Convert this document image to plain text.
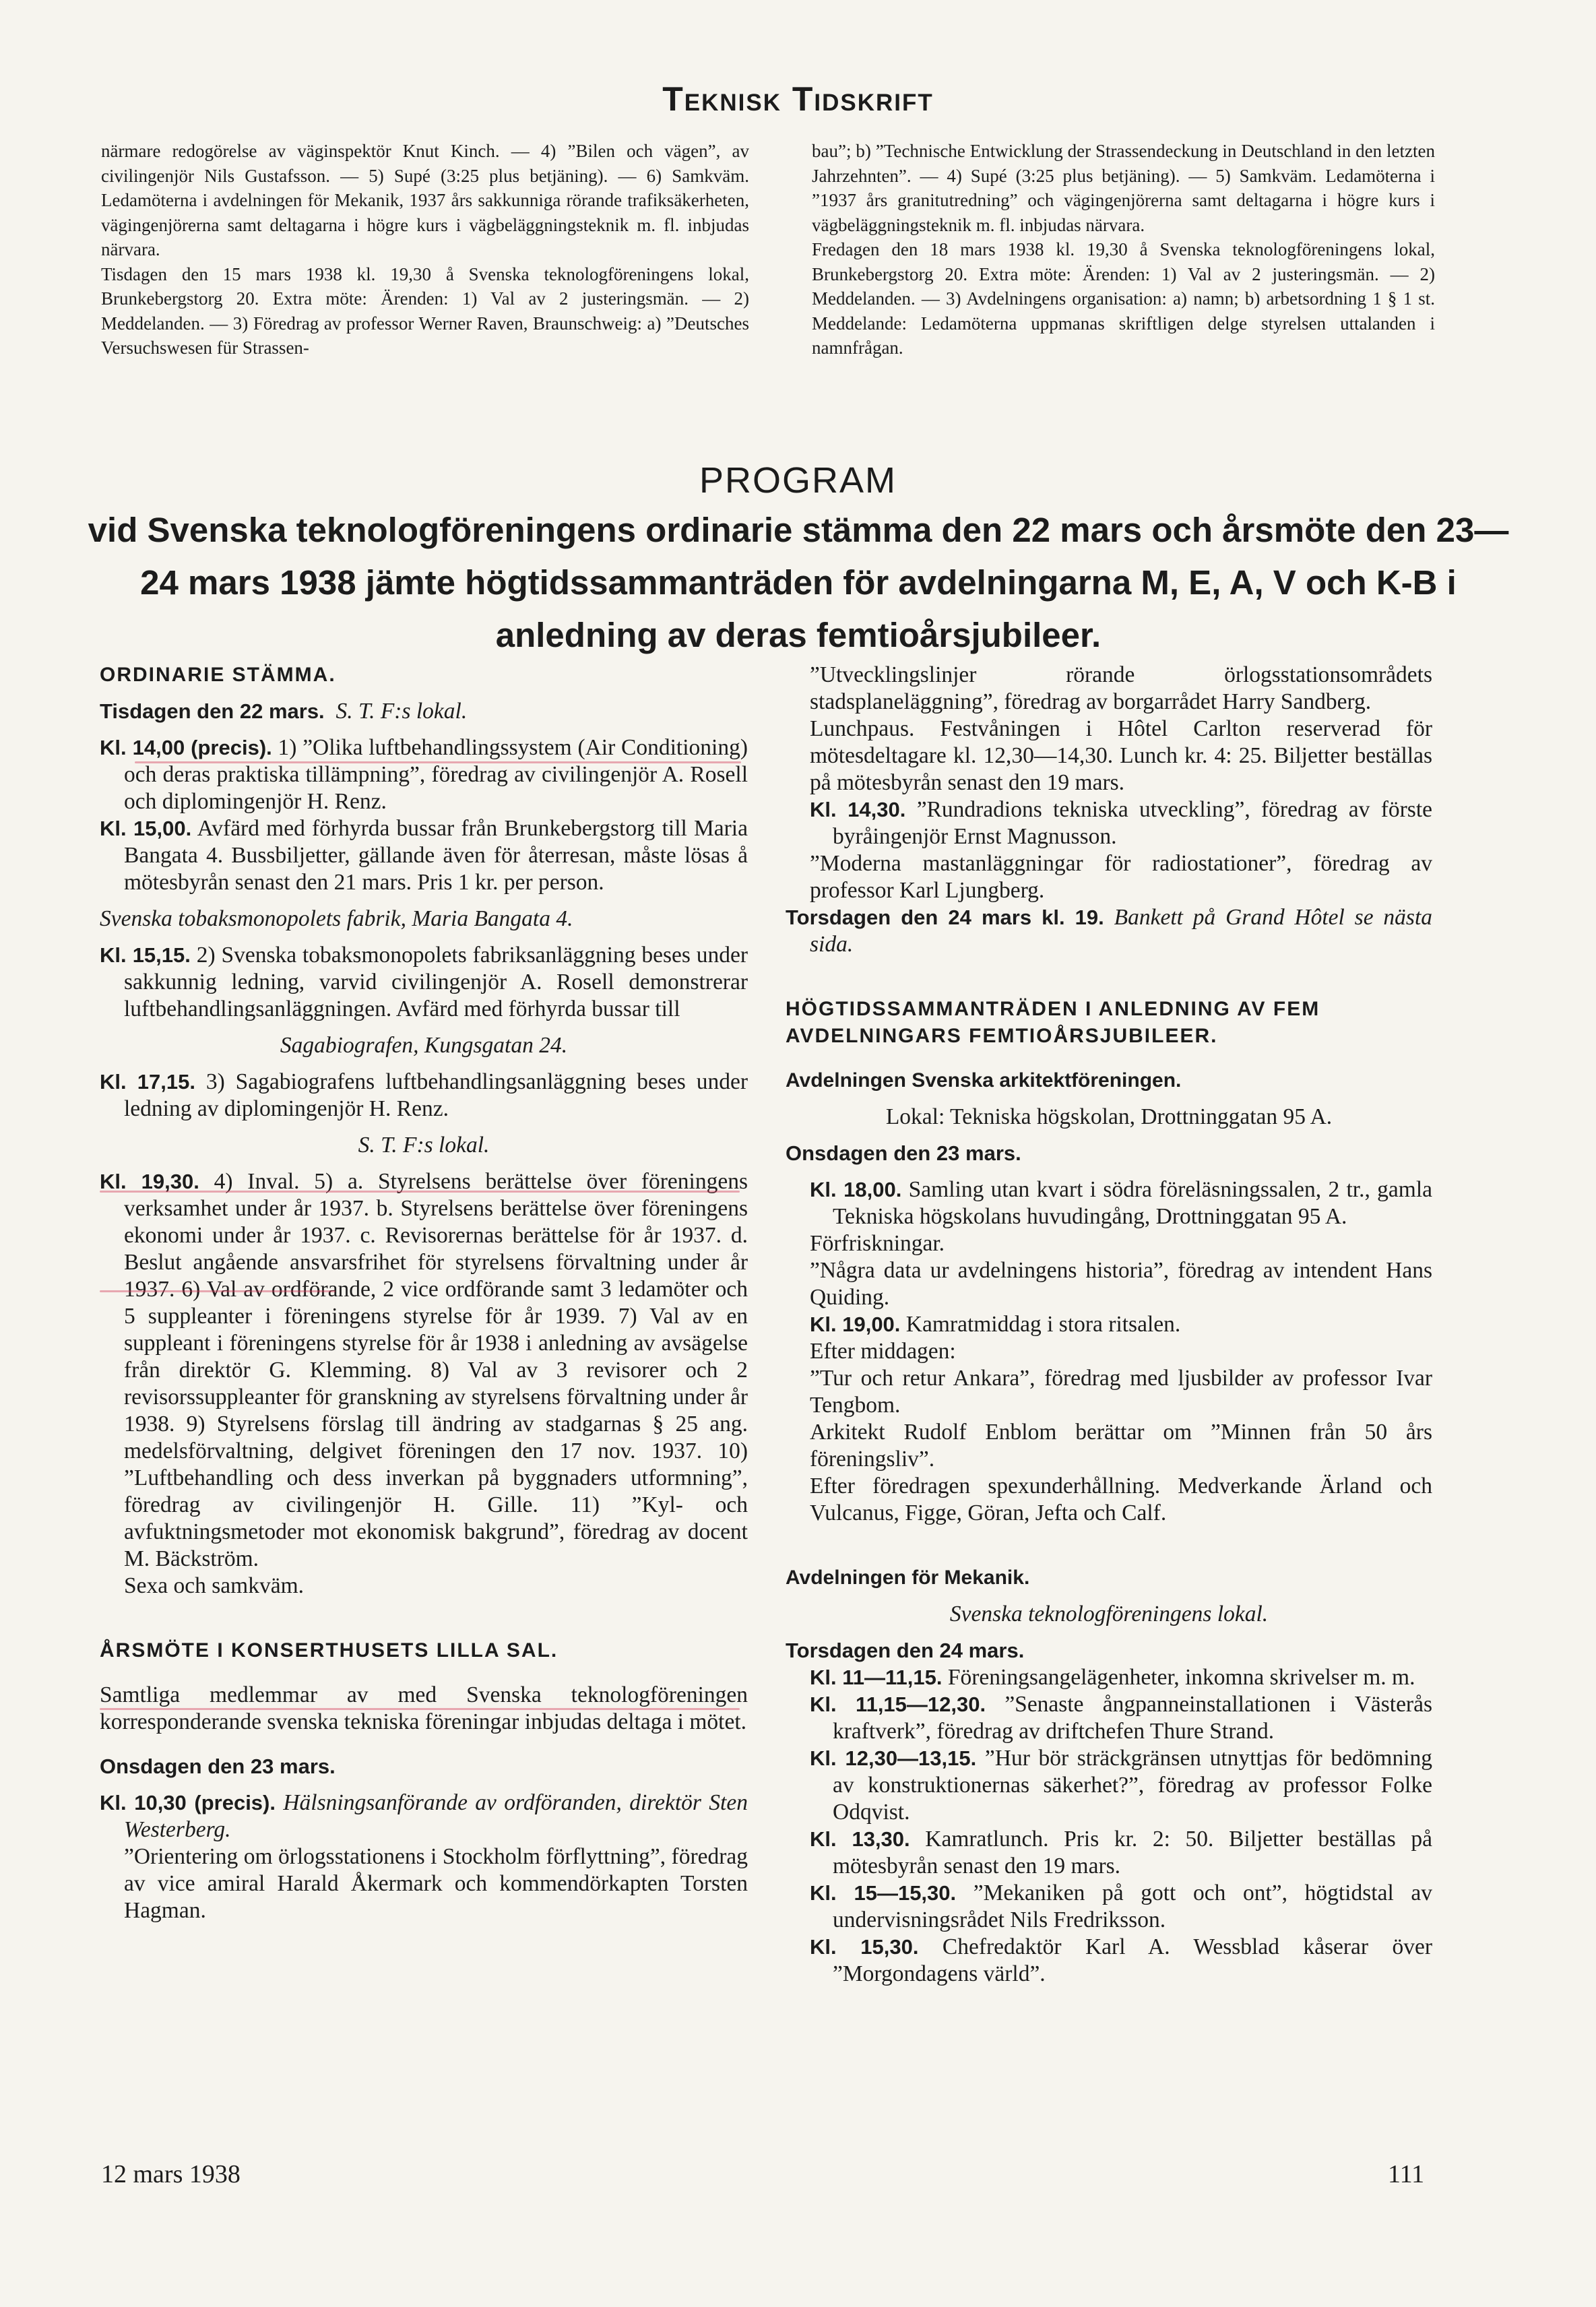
Teknisk Tidskrift

närmare redogörelse av väginspektör Knut Kinch. — 4) ”Bilen och vägen”, av civilingenjör Nils Gustafsson. — 5) Supé (3:25 plus betjäning). — 6) Samkväm. Ledamöterna i avdelningen för Mekanik, 1937 års sakkunniga rörande trafiksäkerheten, vägingenjörerna samt deltagarna i högre kurs i vägbeläggningsteknik m. fl. inbjudas närvara.

Tisdagen den 15 mars 1938 kl. 19,30 å Svenska teknologföreningens lokal, Brunkebergstorg 20. Extra möte: Ärenden: 1) Val av 2 justeringsmän. — 2) Meddelanden. — 3) Föredrag av professor Werner Raven, Braunschweig: a) ”Deutsches Versuchswesen für Strassen-

bau”; b) ”Technische Entwicklung der Strassendeckung in Deutschland in den letzten Jahrzehnten”. — 4) Supé (3:25 plus betjäning). — 5) Samkväm. Ledamöterna i ”1937 års granitutredning” och vägingenjörerna samt deltagarna i högre kurs i vägbeläggningsteknik m. fl. inbjudas närvara.

Fredagen den 18 mars 1938 kl. 19,30 å Svenska teknologföreningens lokal, Brunkebergstorg 20. Extra möte: Ärenden: 1) Val av 2 justeringsmän. — 2) Meddelanden. — 3) Avdelningens organisation: a) namn; b) arbetsordning 1 § 1 st. Meddelande: Ledamöterna uppmanas skriftligen delge styrelsen uttalanden i namnfrågan.

PROGRAM
vid Svenska teknologföreningens ordinarie stämma den 22 mars och årsmöte den 23—24 mars 1938 jämte högtidssammanträden för avdelningarna M, E, A, V och K-B i anledning av deras femtioårsjubileer.

ORDINARIE STÄMMA.

Tisdagen den 22 mars. S. T. F:s lokal.

Kl. 14,00 (precis). 1) ”Olika luftbehandlingssystem (Air Conditioning) och deras praktiska tillämpning”, föredrag av civilingenjör A. Rosell och diplomingenjör H. Renz.

Kl. 15,00. Avfärd med förhyrda bussar från Brunkebergstorg till Maria Bangata 4. Bussbiljetter, gällande även för återresan, måste lösas å mötesbyrån senast den 21 mars. Pris 1 kr. per person.

Svenska tobaksmonopolets fabrik, Maria Bangata 4.

Kl. 15,15. 2) Svenska tobaksmonopolets fabriksanläggning beses under sakkunnig ledning, varvid civilingenjör A. Rosell demonstrerar luftbehandlingsanläggningen. Avfärd med förhyrda bussar till

Sagabiografen, Kungsgatan 24.

Kl. 17,15. 3) Sagabiografens luftbehandlingsanläggning beses under ledning av diplomingenjör H. Renz.

S. T. F:s lokal.

Kl. 19,30. 4) Inval. 5) a. Styrelsens berättelse över föreningens verksamhet under år 1937. b. Styrelsens berättelse över föreningens ekonomi under år 1937. c. Revisorernas berättelse för år 1937. d. Beslut angående ansvarsfrihet för styrelsens förvaltning under år 1937. 6) Val av ordförande, 2 vice ordförande samt 3 ledamöter och 5 suppleanter i föreningens styrelse för år 1939. 7) Val av en suppleant i föreningens styrelse för år 1938 i anledning av avsägelse från direktör G. Klemming. 8) Val av 3 revisorer och 2 revisorssuppleanter för granskning av styrelsens förvaltning under år 1938. 9) Styrelsens förslag till ändring av stadgarnas § 25 ang. medelsförvaltning, delgivet föreningen den 17 nov. 1937. 10) ”Luftbehandling och dess inverkan på byggnaders utformning”, föredrag av civilingenjör H. Gille. 11) ”Kyl- och avfuktningsmetoder mot ekonomisk bakgrund”, föredrag av docent M. Bäckström.

Sexa och samkväm.

ÅRSMÖTE I KONSERTHUSETS LILLA SAL.

Samtliga medlemmar av med Svenska teknologföreningen korresponderande svenska tekniska föreningar inbjudas deltaga i mötet.

Onsdagen den 23 mars.

Kl. 10,30 (precis). Hälsningsanförande av ordföranden, direktör Sten Westerberg.

”Orientering om örlogsstationens i Stockholm förflyttning”, föredrag av vice amiral Harald Åkermark och kommendörkapten Torsten Hagman.

”Utvecklingslinjer rörande örlogsstationsområdets stadsplaneläggning”, föredrag av borgarrådet Harry Sandberg.

Lunchpaus. Festvåningen i Hôtel Carlton reserverad för mötesdeltagare kl. 12,30—14,30. Lunch kr. 4: 25. Biljetter beställas på mötesbyrån senast den 19 mars.

Kl. 14,30. ”Rundradions tekniska utveckling”, föredrag av förste byråingenjör Ernst Magnusson.

”Moderna mastanläggningar för radiostationer”, föredrag av professor Karl Ljungberg.

Torsdagen den 24 mars kl. 19. Bankett på Grand Hôtel se nästa sida.

HÖGTIDSSAMMANTRÄDEN I ANLEDNING AV FEM

AVDELNINGARS FEMTIOÅRSJUBILEER.

Avdelningen Svenska arkitektföreningen.

Lokal: Tekniska högskolan, Drottninggatan 95 A.

Onsdagen den 23 mars.

Kl. 18,00. Samling utan kvart i södra föreläsningssalen, 2 tr., gamla Tekniska högskolans huvudingång, Drottninggatan 95 A.

Förfriskningar.

”Några data ur avdelningens historia”, föredrag av intendent Hans Quiding.

Kl. 19,00. Kamratmiddag i stora ritsalen.

Efter middagen:

”Tur och retur Ankara”, föredrag med ljusbilder av professor Ivar Tengbom.

Arkitekt Rudolf Enblom berättar om ”Minnen från 50 års föreningsliv”.

Efter föredragen spexunderhållning. Medverkande Ärland och Vulcanus, Figge, Göran, Jefta och Calf.

Avdelningen för Mekanik.

Svenska teknologföreningens lokal.

Torsdagen den 24 mars.

Kl. 11—11,15. Föreningsangelägenheter, inkomna skrivelser m. m.

Kl. 11,15—12,30. ”Senaste ångpanneinstallationen i Västerås kraftverk”, föredrag av driftchefen Thure Strand.

Kl. 12,30—13,15. ”Hur bör sträckgränsen utnyttjas för bedömning av konstruktionernas säkerhet?”, föredrag av professor Folke Odqvist.

Kl. 13,30. Kamratlunch. Pris kr. 2: 50. Biljetter beställas på mötesbyrån senast den 19 mars.

Kl. 15—15,30. ”Mekaniken på gott och ont”, högtidstal av undervisningsrådet Nils Fredriksson.

Kl. 15,30. Chefredaktör Karl A. Wessblad kåserar över ”Morgondagens värld”.

12 mars 1938	111
